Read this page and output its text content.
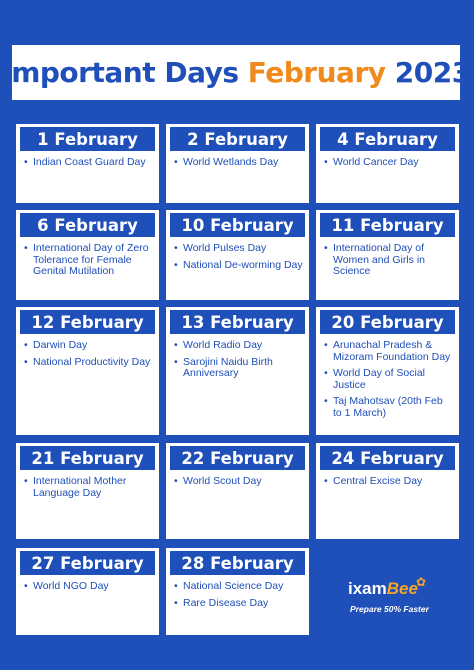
Important Days February 2023
1 February
• Indian Coast Guard Day
2 February
• World Wetlands Day
4 February
• World Cancer Day
6 February
• International Day of Zero Tolerance for Female Genital Mutilation
10 February
• World Pulses Day
• National De-worming Day
11 February
• International Day of Women and Girls in Science
12 February
• Darwin Day
• National Productivity Day
13 February
• World Radio Day
• Sarojini Naidu Birth Anniversary
20 February
• Arunachal Pradesh & Mizoram Foundation Day
• World Day of Social Justice
• Taj Mahotsav (20th Feb to 1 March)
21 February
• International Mother Language Day
22 February
• World Scout Day
24 February
• Central Excise Day
27 February
• World NGO Day
28 February
• National Science Day
• Rare Disease Day
ixamBee
✿
Prepare 50% Faster
